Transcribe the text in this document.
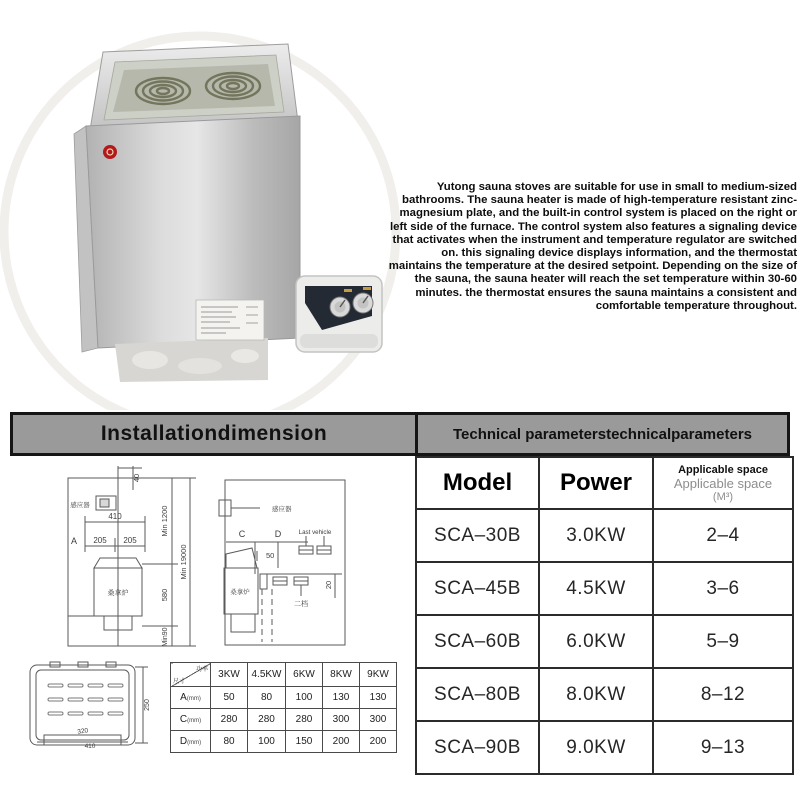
Yutong sauna stoves are suitable for use in small to medium-sized bathrooms. The sauna heater is made of high-temperature resistant zinc-magnesium plate, and the built-in control system is placed on the right or left side of the furnace. The control system also features a signaling device that activates when the instrument and temperature regulator are switched on. this signaling device displays information, and the thermostat maintains the temperature at the desired setpoint. Depending on the size of the sauna, the sauna heater will reach the set temperature within 30-60 minutes. the thermostat ensures the sauna maintains a consistent and comfortable temperature throughout.
Installationdimension	Technical parameterstechnicalparameters
感应器
40
410
A 205 205
桑拿炉
Min 1200
580
Min90
Min 19000
感应器
C	D
50
Last vehicle
20
二档
桑拿炉
250
320
410
功率
尺寸	3KW	4.5KW	6KW	8KW	9KW
A(mm)	50	80	100	130	130
C(mm)	280	280	280	300	300
D(mm)	80	100	150	200	200
Model	Power	Applicable space
Applicable space
(M³)

SCA–30B	3.0KW	2–4
SCA–45B	4.5KW	3–6
SCA–60B	6.0KW	5–9
SCA–80B	8.0KW	8–12
SCA–90B	9.0KW	9–13
